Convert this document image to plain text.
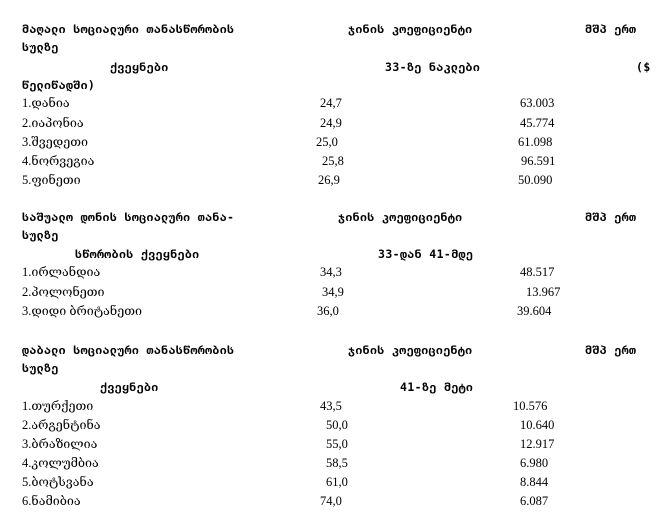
მაღალი სოციალური თანასწორობის	ჯინის კოეფიციენტი	მშპ ერთ
სულზე
ქვეყნები	33-ზე ნაკლები	($
წელიწადში)
1.დანია	24,7	63.003
2.იაპონია	24,9	45.774
3.შვედეთი	25,0	61.098
4.ნორვეგია	25,8	96.591
5.ფინეთი	26,9	50.090
საშუალო დონის სოციალური თანა-	ჯინის კოეფიციენტი	მშპ ერთ
სულზე
სწორობის ქვეყნები	33-დან 41-მდე
1.ირლანდია	34,3	48.517
2.პოლონეთი	34,9	13.967
3.დიდი ბრიტანეთი	36,0	39.604
დაბალი სოციალური თანასწორობის	ჯინის კოეფიციენტი	მშპ ერთ
სულზე
ქვეყნები	41-ზე მეტი
1.თურქეთი	43,5	10.576
2.არგენტინა	50,0	10.640
3.ბრაზილია	55,0	12.917
4.კოლუმბია	58,5	6.980
5.ბოტსვანა	61,0	8.844
6.ნამიბია	74,0	6.087
